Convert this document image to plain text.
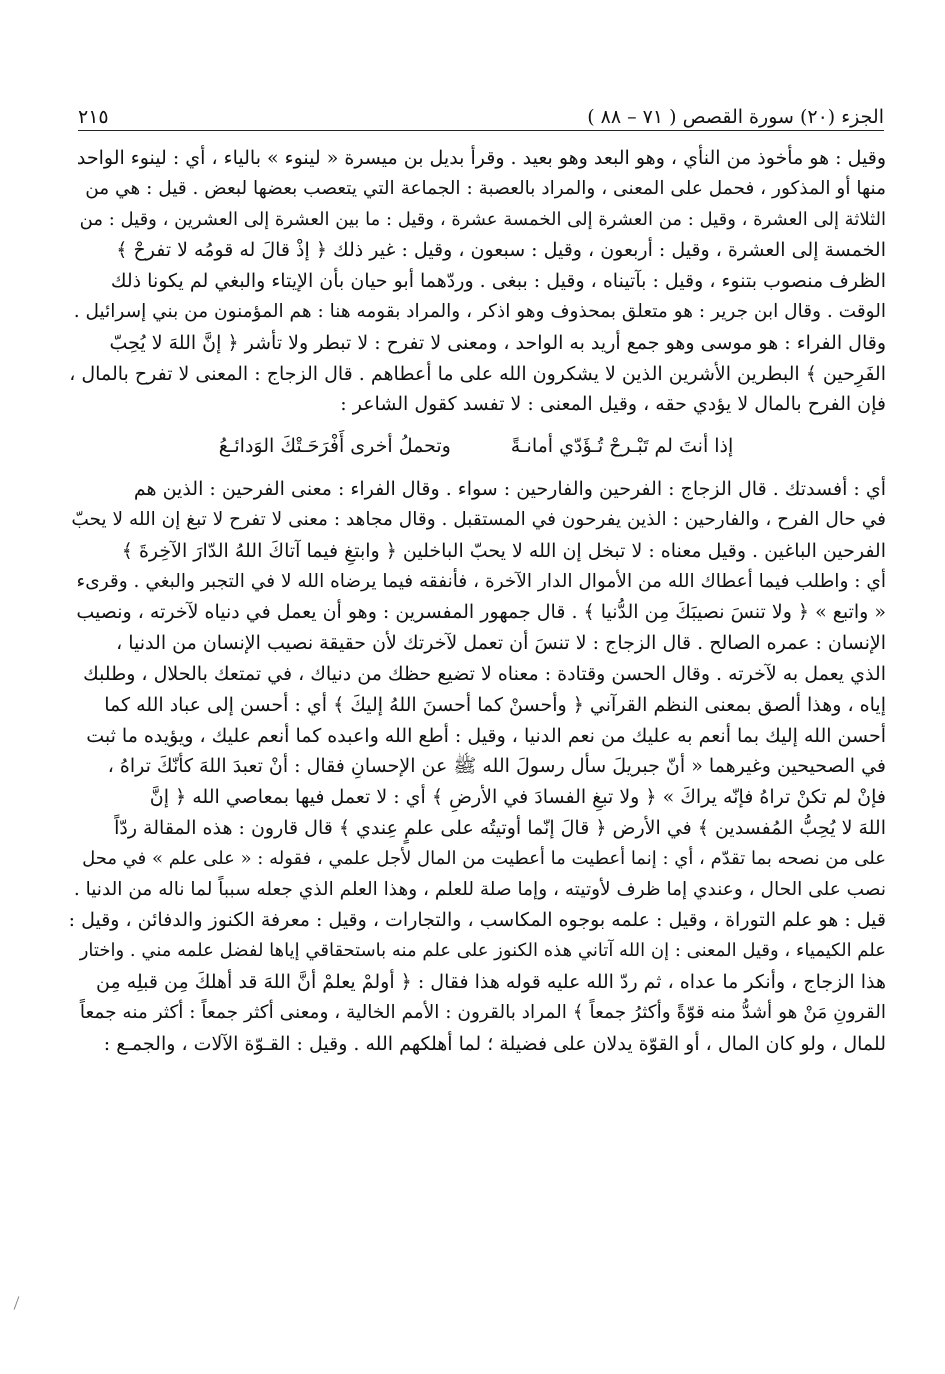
الجزء (٢٠) سورة القصص ( ٧١ – ٨٨ )
٢١٥
وقيل : هو مأخوذ من النأي ، وهو البعد وهو بعيد . وقرأ بديل بن ميسرة « لينوء » بالياء ، أي : لينوء الواحد
منها أو المذكور ، فحمل على المعنى ، والمراد بالعصبة : الجماعة التي يتعصب بعضها لبعض . قيل : هي من
الثلاثة إلى العشرة ، وقيل : من العشرة إلى الخمسة عشرة ، وقيل : ما بين العشرة إلى العشرين ، وقيل : من
الخمسة إلى العشرة ، وقيل : أربعون ، وقيل : سبعون ، وقيل : غير ذلك ﴿ إذْ قالَ له قومُه لا تفرحْ ﴾
الظرف منصوب بتنوء ، وقيل : بآتيناه ، وقيل : ببغى . وردّهما أبو حيان بأن الإيتاء والبغي لم يكونا ذلك
الوقت . وقال ابن جرير : هو متعلق بمحذوف وهو اذكر ، والمراد بقومه هنا : هم المؤمنون من بني إسرائيل .
وقال الفراء : هو موسى وهو جمع أريد به الواحد ، ومعنى لا تفرح : لا تبطر ولا تأشر ﴿ إنَّ اللهَ لا يُحِبّ
الفَرِحين ﴾ البطرين الأشرين الذين لا يشكرون الله على ما أعطاهم . قال الزجاج : المعنى لا تفرح بالمال ،
فإن الفرح بالمال لا يؤدي حقه ، وقيل المعنى : لا تفسد كقول الشاعر :
إذا أنتَ لم تَبْـرحْ تُـؤَدّي أمانـةً
وتحملُ أخرى أَفْرَحَـتْكَ الوَدائـعُ
أي : أفسدتك . قال الزجاج : الفرحين والفارحين : سواء . وقال الفراء : معنى الفرحين : الذين هم
في حال الفرح ، والفارحين : الذين يفرحون في المستقبل . وقال مجاهد : معنى لا تفرح لا تبغ إن الله لا يحبّ
الفرحين الباغين . وقيل معناه : لا تبخل إن الله لا يحبّ الباخلين ﴿ وابتغِ فيما آتاكَ اللهُ الدّارَ الآخِرةَ ﴾
أي : واطلب فيما أعطاك الله من الأموال الدار الآخرة ، فأنفقه فيما يرضاه الله لا في التجبر والبغي . وقرىء
« واتبع » ﴿ ولا تنسَ نصيبَكَ مِن الدُّنيا ﴾ . قال جمهور المفسرين : وهو أن يعمل في دنياه لآخرته ، ونصيب
الإنسان : عمره الصالح . قال الزجاج : لا تنسَ أن تعمل لآخرتك لأن حقيقة نصيب الإنسان من الدنيا ،
الذي يعمل به لآخرته . وقال الحسن وقتادة : معناه لا تضيع حظك من دنياك ، في تمتعك بالحلال ، وطلبك
إياه ، وهذا ألصق بمعنى النظم القرآني ﴿ وأحسنْ كما أحسنَ اللهُ إليكَ ﴾ أي : أحسن إلى عباد الله كما
أحسن الله إليك بما أنعم به عليك من نعم الدنيا ، وقيل : أطع الله واعبده كما أنعم عليك ، ويؤيده ما ثبت
في الصحيحين وغيرهما « أنّ جبريلَ سأل رسولَ الله ﷺ عن الإحسانِ فقال : أنْ تعبدَ اللهَ كأنّكَ تراهُ ،
فإنْ لم تكنْ تراهُ فإنّه يراكَ » ﴿ ولا تبغِ الفسادَ في الأرضِ ﴾ أي : لا تعمل فيها بمعاصي الله ﴿ إنَّ
اللهَ لا يُحِبُّ المُفسدين ﴾ في الأرض ﴿ قالَ إنّما أوتيتُه على علمٍ عِندي ﴾ قال قارون : هذه المقالة ردّاً
على من نصحه بما تقدّم ، أي : إنما أعطيت ما أعطيت من المال لأجل علمي ، فقوله : « على علم » في محل
نصب على الحال ، وعندي إما ظرف لأوتيته ، وإما صلة للعلم ، وهذا العلم الذي جعله سبباً لما ناله من الدنيا .
قيل : هو علم التوراة ، وقيل : علمه بوجوه المكاسب ، والتجارات ، وقيل : معرفة الكنوز والدفائن ، وقيل :
علم الكيمياء ، وقيل المعنى : إن الله آتاني هذه الكنوز على علم منه باستحقاقي إياها لفضل علمه مني . واختار
هذا الزجاج ، وأنكر ما عداه ، ثم ردّ الله عليه قوله هذا فقال : ﴿ أولمْ يعلمْ أنَّ اللهَ قد أهلكَ مِن قبلِه مِن
القرونِ مَنْ هو أشدُّ منه قوّةً وأكثرُ جمعاً ﴾ المراد بالقرون : الأمم الخالية ، ومعنى أكثر جمعاً : أكثر منه جمعاً
للمال ، ولو كان المال ، أو القوّة يدلان على فضيلة ؛ لما أهلكهم الله . وقيل : القـوّة الآلات ، والجمـع :
